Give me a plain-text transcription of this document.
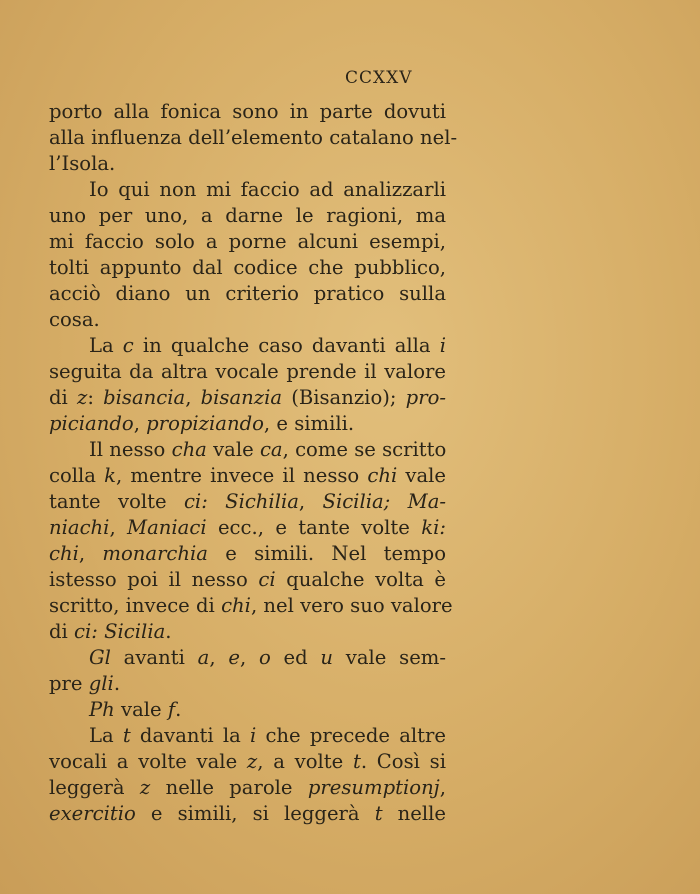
CCXXV
porto alla fonica sono in parte dovuti
alla influenza dell’elemento catalano nel-
l’Isola.
Io qui non mi faccio ad analizzarli
uno per uno, a darne le ragioni, ma
mi faccio solo a porne alcuni esempi,
tolti appunto dal codice che pubblico,
acciò diano un criterio pratico sulla
cosa.
La c in qualche caso davanti alla i
seguita da altra vocale prende il valore
di z: bisancia, bisanzia (Bisanzio); pro-
piciando, propiziando, e simili.
Il nesso cha vale ca, come se scritto
colla k, mentre invece il nesso chi vale
tante volte ci: Sichilia, Sicilia; Ma-
niachi, Maniaci ecc., e tante volte ki:
chi, monarchia e simili. Nel tempo
istesso poi il nesso ci qualche volta è
scritto, invece di chi, nel vero suo valore
di ci: Sicilia.
Gl avanti a, e, o ed u vale sem-
pre gli.
Ph vale f.
La t davanti la i che precede altre
vocali a volte vale z, a volte t. Così si
leggerà z nelle parole presumptionj,
exercitio e simili, si leggerà t nelle
